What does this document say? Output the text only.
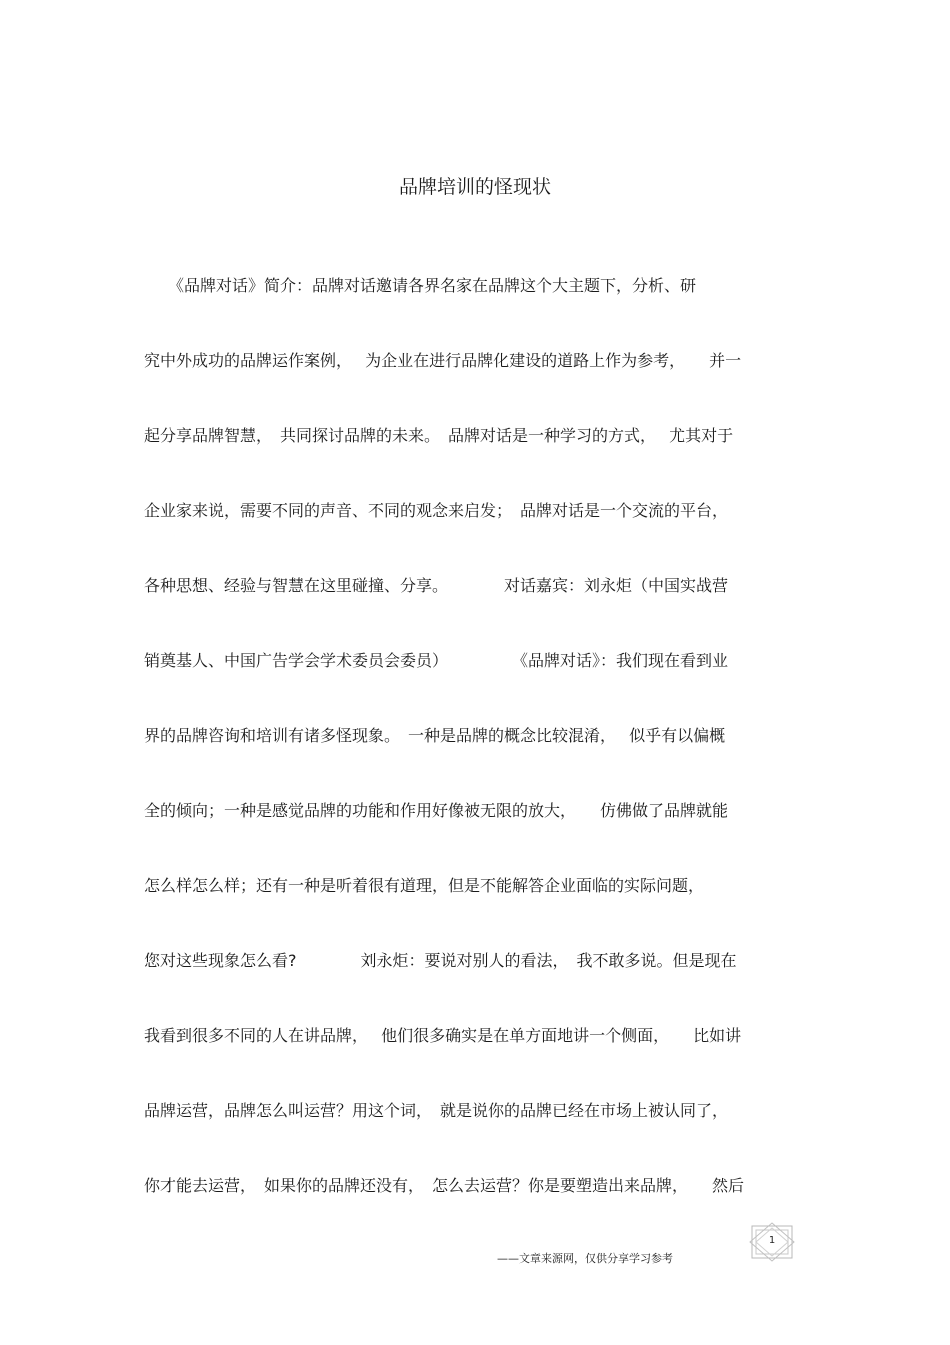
品牌培训的怪现状
　　《品牌对话》简介：品牌对话邀请各界名家在品牌这个大主题下，分析、研
究中外成功的品牌运作案例，　 为企业在进行品牌化建设的道路上作为参考，　　并一
起分享品牌智慧，　共同探讨品牌的未来。　品牌对话是一种学习的方式，　 尤其对于
企业家来说，需要不同的声音、不同的观念来启发；　品牌对话是一个交流的平台，
各种思想、经验与智慧在这里碰撞、分享。　　　　对话嘉宾：刘永炬（中国实战营
销奠基人、中国广告学会学术委员会委员）　　　　　《品牌对话》：我们现在看到业
界的品牌咨询和培训有诸多怪现象。　一种是品牌的概念比较混淆，　 似乎有以偏概
全的倾向；一种是感觉品牌的功能和作用好像被无限的放大，　　仿佛做了品牌就能
怎么样怎么样；还有一种是听着很有道理，但是不能解答企业面临的实际问题，
您对这些现象怎么看?　　　　刘永炬：要说对别人的看法，　我不敢多说。但是现在
我看到很多不同的人在讲品牌，　 他们很多确实是在单方面地讲一个侧面，　　比如讲
品牌运营，品牌怎么叫运营？用这个词，　就是说你的品牌已经在市场上被认同了，
你才能去运营，　如果你的品牌还没有，　怎么去运营？你是要塑造出来品牌，　　然后
——文章来源网，仅供分享学习参考
1
